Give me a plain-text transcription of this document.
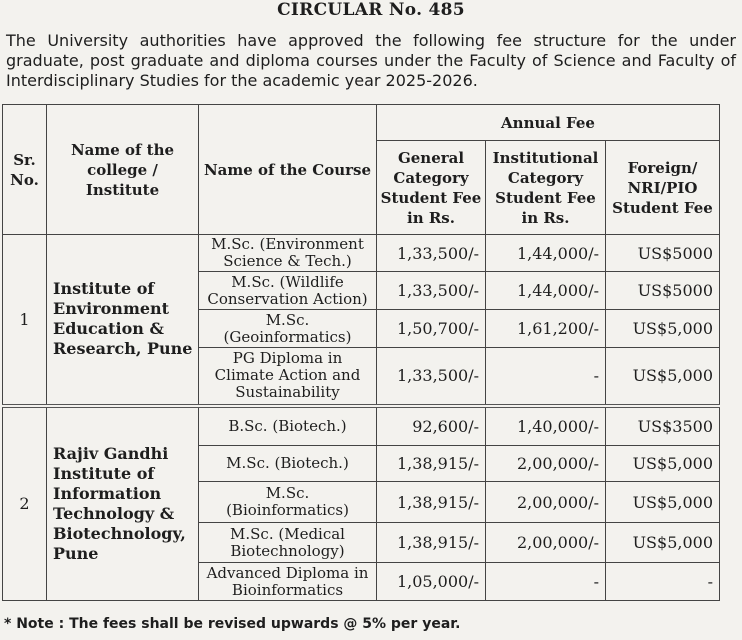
CIRCULAR No. 485
The University authorities have approved the following fee structure for the under graduate, post graduate and diploma courses under the Faculty of Science and Faculty of Interdisciplinary Studies for the academic year 2025-2026.
Sr. No.	Name of the college / Institute	Name of the Course	Annual Fee		
			General Category Student Fee in Rs.	Institutional Category Student Fee in Rs.	Foreign/ NRI/PIO Student Fee
1	Institute of Environment Education & Research, Pune	M.Sc. (Environment Science & Tech.)	1,33,500/-	1,44,000/-	US$5000
		M.Sc. (Wildlife Conservation Action)	1,33,500/-	1,44,000/-	US$5000
		M.Sc. (Geoinformatics)	1,50,700/-	1,61,200/-	US$5,000
		PG Diploma in Climate Action and Sustainability	1,33,500/-	-	US$5,000
2	Rajiv Gandhi Institute of Information Technology & Biotechnology, Pune	B.Sc. (Biotech.)	92,600/-	1,40,000/-	US$3500
		M.Sc. (Biotech.)	1,38,915/-	2,00,000/-	US$5,000
		M.Sc. (Bioinformatics)	1,38,915/-	2,00,000/-	US$5,000
		M.Sc. (Medical Biotechnology)	1,38,915/-	2,00,000/-	US$5,000
		Advanced Diploma in Bioinformatics	1,05,000/-	-	-
* Note : The fees shall be revised upwards @ 5% per year.
